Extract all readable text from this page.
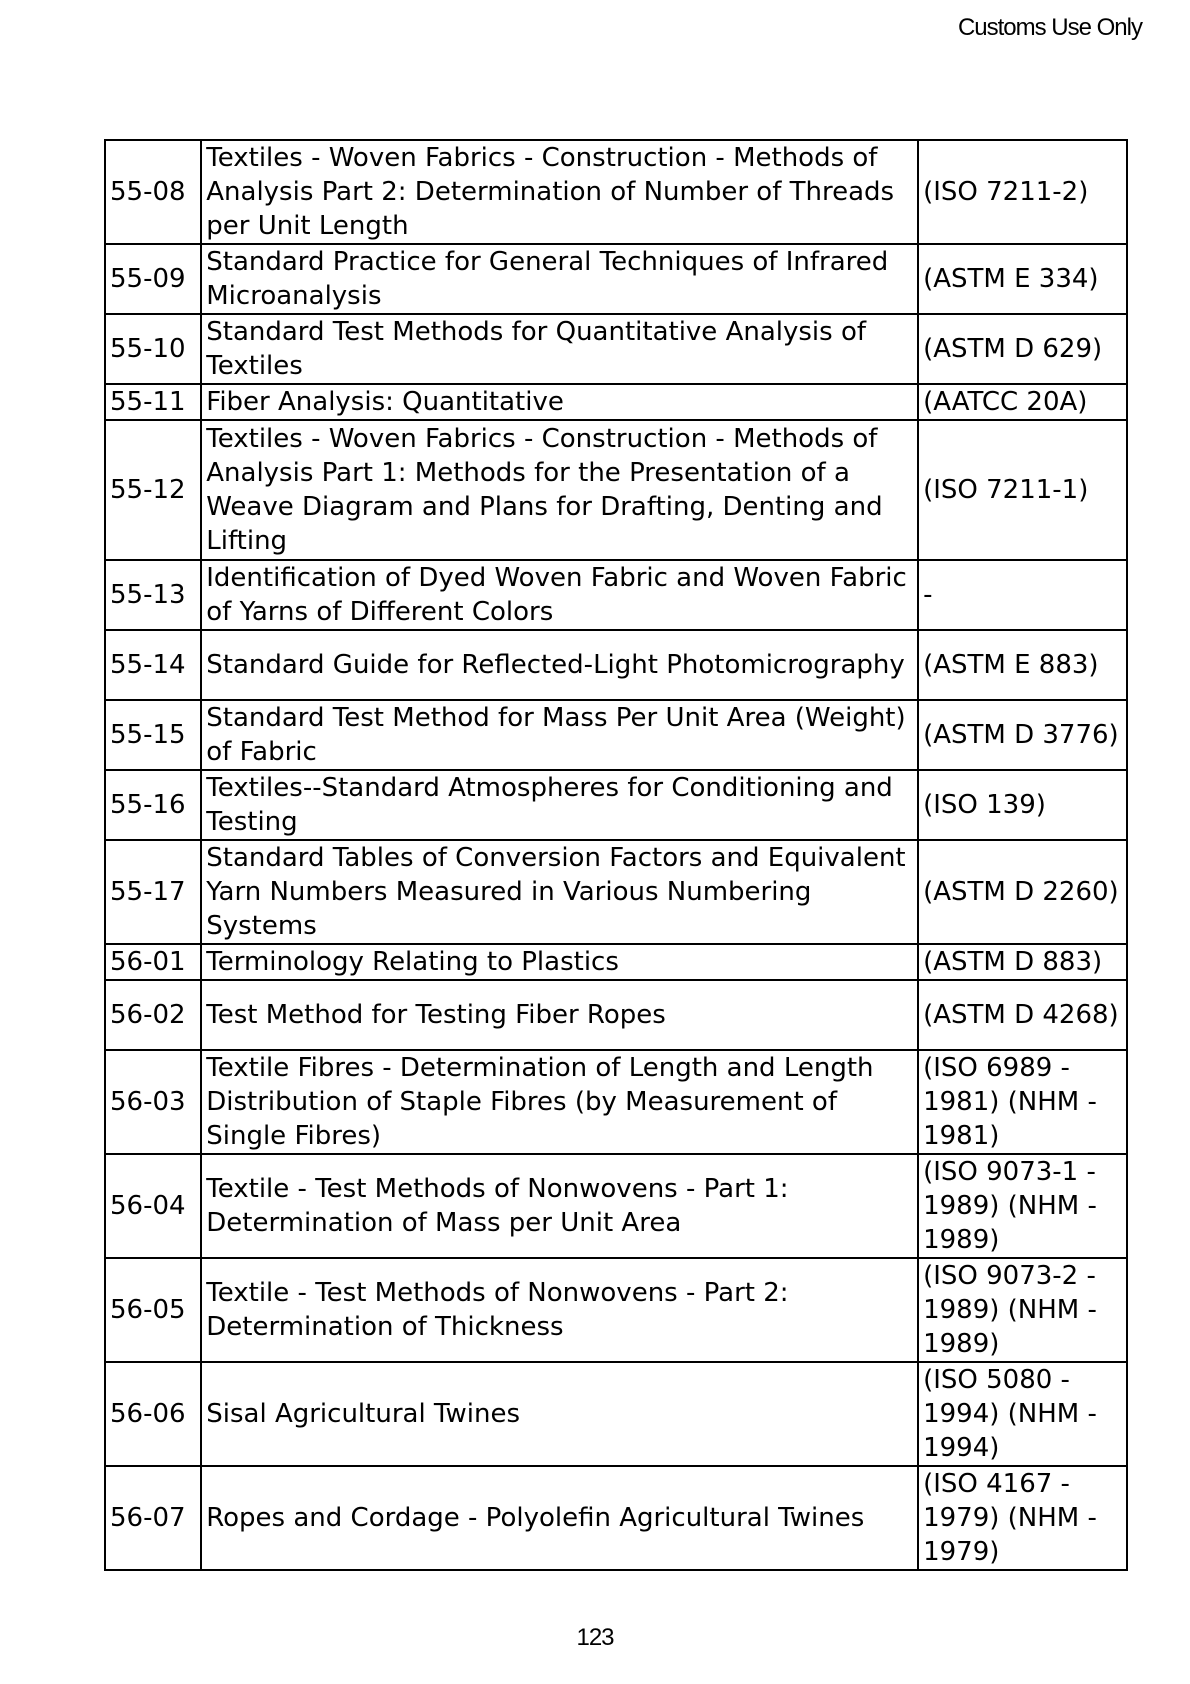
Customs Use Only
55-08	Textiles - Woven Fabrics - Construction - Methods of Analysis Part 2: Determination of Number of Threads per Unit Length	(ISO 7211-2)
55-09	Standard Practice for General Techniques of Infrared Microanalysis	(ASTM E 334)
55-10	Standard Test Methods for Quantitative Analysis of Textiles	(ASTM D 629)
55-11	Fiber Analysis: Quantitative	(AATCC 20A)
55-12	Textiles - Woven Fabrics - Construction - Methods of Analysis Part 1: Methods for the Presentation of a Weave Diagram and Plans for Drafting, Denting and Lifting	(ISO 7211-1)
55-13	Identification of Dyed Woven Fabric and Woven Fabric of Yarns of Different Colors	-
55-14	Standard Guide for Reflected-Light Photomicrography	(ASTM E 883)
55-15	Standard Test Method for Mass Per Unit Area (Weight) of Fabric	(ASTM D 3776)
55-16	Textiles--Standard Atmospheres for Conditioning and Testing	(ISO 139)
55-17	Standard Tables of Conversion Factors and Equivalent Yarn Numbers Measured in Various Numbering Systems	(ASTM D 2260)
56-01	Terminology Relating to Plastics	(ASTM D 883)
56-02	Test Method for Testing Fiber Ropes	(ASTM D 4268)
56-03	Textile Fibres - Determination of Length and Length Distribution of Staple Fibres (by Measurement of Single Fibres)	(ISO 6989 - 1981) (NHM - 1981)
56-04	Textile - Test Methods of Nonwovens - Part 1: Determination of Mass per Unit Area	(ISO 9073-1 - 1989) (NHM - 1989)
56-05	Textile - Test Methods of Nonwovens - Part 2: Determination of Thickness	(ISO 9073-2 - 1989) (NHM - 1989)
56-06	Sisal Agricultural Twines	(ISO 5080 - 1994) (NHM - 1994)
56-07	Ropes and Cordage - Polyolefin Agricultural Twines	(ISO 4167 - 1979) (NHM - 1979)
123
